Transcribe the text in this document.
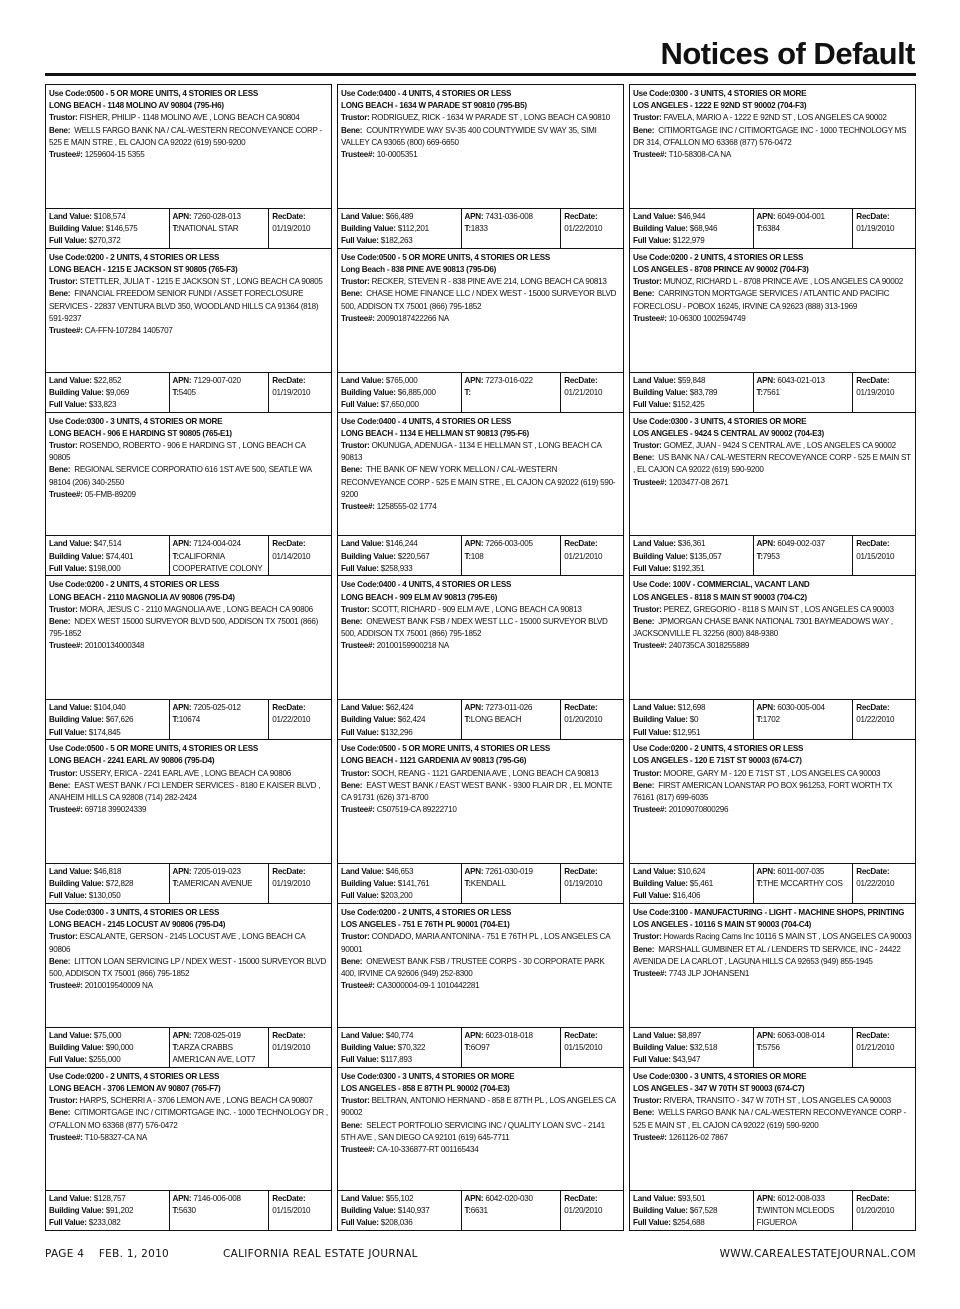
Notices of Default
Use Code:0500 - 5 OR MORE UNITS, 4 STORIES OR LESS
LONG BEACH - 1148 MOLINO AV 90804 (795-H6)
Trustor: FISHER, PHILIP - 1148 MOLINO AVE , LONG BEACH CA 90804
Bene: WELLS FARGO BANK NA / CAL-WESTERN RECONVEYANCE CORP - 525 E MAIN STRE , EL CAJON CA 92022 (619) 590-9200
Trustee#: 1259604-15 5355
Land Value: $108,574
Building Value: $146,575
Full Value: $270,372
APN: 7260-028-013
T:NATIONAL STAR
RecDate:
01/19/2010
Use Code:0200 - 2 UNITS, 4 STORIES OR LESS
LONG BEACH - 1215 E JACKSON ST 90805 (765-F3)
Trustor: STETTLER, JULIA T - 1215 E JACKSON ST , LONG BEACH CA 90805
Bene: FINANCIAL FREEDOM SENIOR FUNDI / ASSET FORECLOSURE SERVICES - 22837 VENTURA BLVD 350, WOODLAND HILLS CA 91364 (818) 591-9237
Trustee#: CA-FFN-107284 1405707
Land Value: $22,852
Building Value: $9,069
Full Value: $33,823
APN: 7129-007-020
T:5405
RecDate:
01/19/2010
Use Code:0300 - 3 UNITS, 4 STORIES OR MORE
LONG BEACH - 906 E HARDING ST 90805 (765-E1)
Trustor: ROSENDO, ROBERTO - 906 E HARDING ST , LONG BEACH CA 90805
Bene: REGIONAL SERVICE CORPORATIO 616 1ST AVE 500, SEATLE WA 98104 (206) 340-2550
Trustee#: 05-FMB-89209
Land Value: $47,514
Building Value: $74,401
Full Value: $198,000
APN: 7124-004-024
T:CALIFORNIA COOPERATIVE COLONY
RecDate:
01/14/2010
Use Code:0200 - 2 UNITS, 4 STORIES OR LESS
LONG BEACH - 2110 MAGNOLIA AV 90806 (795-D4)
Trustor: MORA, JESUS C - 2110 MAGNOLIA AVE , LONG BEACH CA 90806
Bene: NDEX WEST 15000 SURVEYOR BLVD 500, ADDISON TX 75001 (866) 795-1852
Trustee#: 20100134000348
Land Value: $104,040
Building Value: $67,626
Full Value: $174,845
APN: 7205-025-012
T:10674
RecDate:
01/22/2010
Use Code:0500 - 5 OR MORE UNITS, 4 STORIES OR LESS
LONG BEACH - 2241 EARL AV 90806 (795-D4)
Trustor: USSERY, ERICA - 2241 EARL AVE , LONG BEACH CA 90806
Bene: EAST WEST BANK / FCI LENDER SERVICES - 8180 E KAISER BLVD , ANAHEIM HILLS CA 92808 (714) 282-2424
Trustee#: 69718 399024339
Land Value: $46,818
Building Value: $72,828
Full Value: $130,050
APN: 7205-019-023
T:AMERICAN AVENUE
RecDate:
01/19/2010
Use Code:0300 - 3 UNITS, 4 STORIES OR LESS
LONG BEACH - 2145 LOCUST AV 90806 (795-D4)
Trustor: ESCALANTE, GERSON - 2145 LOCUST AVE , LONG BEACH CA 90806
Bene: LITTON LOAN SERVICING LP / NDEX WEST - 15000 SURVEYOR BLVD 500, ADDISON TX 75001 (866) 795-1852
Trustee#: 2010019540009 NA
Land Value: $75,000
Building Value: $90,000
Full Value: $255,000
APN: 7208-025-019
T:ARZA CRABBS AMER1CAN AVE, LOT7
RecDate:
01/19/2010
Use Code:0200 - 2 UNITS, 4 STORIES OR LESS
LONG BEACH - 3706 LEMON AV 90807 (765-F7)
Trustor: HARPS, SCHERRI A - 3706 LEMON AVE , LONG BEACH CA 90807
Bene: CITIMORTGAGE INC / CITIMORTGAGE INC. - 1000 TECHNOLOGY DR , O'FALLON MO 63368 (877) 576-0472
Trustee#: T10-58327-CA NA
Land Value: $128,757
Building Value: $91,202
Full Value: $233,082
APN: 7146-006-008
T:5630
RecDate:
01/15/2010
Use Code:0400 - 4 UNITS, 4 STORIES OR LESS
LONG BEACH - 1634 W PARADE ST 90810 (795-B5)
Trustor: RODRIGUEZ, RICK - 1634 W PARADE ST , LONG BEACH CA 90810
Bene: COUNTRYWIDE WAY SV-35 400 COUNTYWIDE SV WAY 35, SIMI VALLEY CA 93065 (800) 669-6650
Trustee#: 10-0005351
Land Value: $66,489
Building Value: $112,201
Full Value: $182,263
APN: 7431-036-008
T:1833
RecDate:
01/22/2010
Use Code:0500 - 5 OR MORE UNITS, 4 STORIES OR LESS
Long Beach - 838 PINE AVE 90813 (795-D6)
Trustor: RECKER, STEVEN R - 838 PINE AVE 214, LONG BEACH CA 90813
Bene: CHASE HOME FINANCE LLC / NDEX WEST - 15000 SURVEYOR BLVD 500, ADDISON TX 75001 (866) 795-1852
Trustee#: 20090187422266 NA
Land Value: $765,000
Building Value: $6,885,000
Full Value: $7,650,000
APN: 7273-016-022
T:
RecDate:
01/21/2010
Use Code:0400 - 4 UNITS, 4 STORIES OR LESS
LONG BEACH - 1134 E HELLMAN ST 90813 (795-F6)
Trustor: OKUNUGA, ADENUGA - 1134 E HELLMAN ST , LONG BEACH CA 90813
Bene: THE BANK OF NEW YORK MELLON / CAL-WESTERN RECONVEYANCE CORP - 525 E MAIN STRE , EL CAJON CA 92022 (619) 590-9200
Trustee#: 1258555-02 1774
Land Value: $146,244
Building Value: $220,567
Full Value: $258,933
APN: 7266-003-005
T:108
RecDate:
01/21/2010
Use Code:0400 - 4 UNITS, 4 STORIES OR LESS
LONG BEACH - 909 ELM AV 90813 (795-E6)
Trustor: SCOTT, RICHARD - 909 ELM AVE , LONG BEACH CA 90813
Bene: ONEWEST BANK FSB / NDEX WEST LLC - 15000 SURVEYOR BLVD 500, ADDISON TX 75001 (866) 795-1852
Trustee#: 20100159900218 NA
Land Value: $62,424
Building Value: $62,424
Full Value: $132,296
APN: 7273-011-026
T:LONG BEACH
RecDate:
01/20/2010
Use Code:0500 - 5 OR MORE UNITS, 4 STORIES OR LESS
LONG BEACH - 1121 GARDENIA AV 90813 (795-G6)
Trustor: SOCH, REANG - 1121 GARDENIA AVE , LONG BEACH CA 90813
Bene: EAST WEST BANK / EAST WEST BANK - 9300 FLAIR DR , EL MONTE CA 91731 (626) 371-8700
Trustee#: C507519-CA 89222710
Land Value: $46,653
Building Value: $141,761
Full Value: $203,200
APN: 7261-030-019
T:KENDALL
RecDate:
01/19/2010
Use Code:0200 - 2 UNITS, 4 STORIES OR LESS
LOS ANGELES - 751 E 76TH PL 90001 (704-E1)
Trustor: CONDADO, MARIA ANTONINA - 751 E 76TH PL , LOS ANGELES CA 90001
Bene: ONEWEST BANK FSB / TRUSTEE CORPS - 30 CORPORATE PARK 400, IRVINE CA 92606 (949) 252-8300
Trustee#: CA3000004-09-1 1010442281
Land Value: $40,774
Building Value: $70,322
Full Value: $117,893
APN: 6023-018-018
T:6O97
RecDate:
01/15/2010
Use Code:0300 - 3 UNITS, 4 STORIES OR MORE
LOS ANGELES - 858 E 87TH PL 90002 (704-E3)
Trustor: BELTRAN, ANTONIO HERNAND - 858 E 87TH PL , LOS ANGELES CA 90002
Bene: SELECT PORTFOLIO SERVICING INC / QUALITY LOAN SVC - 2141 5TH AVE , SAN DIEGO CA 92101 (619) 645-7711
Trustee#: CA-10-336877-RT 001165434
Land Value: $55,102
Building Value: $140,937
Full Value: $208,036
APN: 6042-020-030
T:6631
RecDate:
01/20/2010
Use Code:0300 - 3 UNITS, 4 STORIES OR MORE
LOS ANGELES - 1222 E 92ND ST 90002 (704-F3)
Trustor: FAVELA, MARIO A - 1222 E 92ND ST , LOS ANGELES CA 90002
Bene: CITIMORTGAGE INC / CITIMORTGAGE INC - 1000 TECHNOLOGY MS DR 314, O'FALLON MO 63368 (877) 576-0472
Trustee#: T10-58308-CA NA
Land Value: $46,944
Building Value: $68,946
Full Value: $122,979
APN: 6049-004-001
T:6384
RecDate:
01/19/2010
Use Code:0200 - 2 UNITS, 4 STORIES OR LESS
LOS ANGELES - 8708 PRINCE AV 90002 (704-F3)
Trustor: MUNOZ, RICHARD L - 8708 PRINCE AVE , LOS ANGELES CA 90002
Bene: CARRINGTON MORTGAGE SERVICES / ATLANTIC AND PACIFIC FORECLOSU - POBOX 16245, IRVINE CA 92623 (888) 313-1969
Trustee#: 10-06300 1002594749
Land Value: $59,848
Building Value: $83,789
Full Value: $152,425
APN: 6043-021-013
T:7561
RecDate:
01/19/2010
Use Code:0300 - 3 UNITS, 4 STORIES OR MORE
LOS ANGELES - 9424 S CENTRAL AV 90002 (704-E3)
Trustor: GOMEZ, JUAN - 9424 S CENTRAL AVE , LOS ANGELES CA 90002
Bene: US BANK NA / CAL-WESTERN RECOVEYANCE CORP - 525 E MAIN ST , EL CAJON CA 92022 (619) 590-9200
Trustee#: 1203477-08 2671
Land Value: $36,361
Building Value: $135,057
Full Value: $192,351
APN: 6049-002-037
T:7953
RecDate:
01/15/2010
Use Code: 100V - COMMERCIAL, VACANT LAND
LOS ANGELES - 8118 S MAIN ST 90003 (704-C2)
Trustor: PEREZ, GREGORIO - 8118 S MAIN ST , LOS ANGELES CA 90003
Bene: JPMORGAN CHASE BANK NATIONAL 7301 BAYMEADOWS WAY , JACKSONVILLE FL 32256 (800) 848-9380
Trustee#: 240735CA 3018255889
Land Value: $12,698
Building Value: $0
Full Value: $12,951
APN: 6030-005-004
T:1702
RecDate:
01/22/2010
Use Code:0200 - 2 UNITS, 4 STORIES OR LESS
LOS ANGELES - 120 E 71ST ST 90003 (674-C7)
Trustor: MOORE, GARY M - 120 E 71ST ST , LOS ANGELES CA 90003
Bene: FIRST AMERICAN LOANSTAR PO BOX 961253, FORT WORTH TX 76161 (817) 699-6035
Trustee#: 20109070800296
Land Value: $10,624
Building Value: $5,461
Full Value: $16,406
APN: 6011-007-035
T:THE MCCARTHY COS
RecDate:
01/22/2010
Use Code:3100 - MANUFACTURING - LIGHT - MACHINE SHOPS, PRINTING
LOS ANGELES - 10116 S MAIN ST 90003 (704-C4)
Trustor: Howards Racing Cams Inc 10116 S MAIN ST , LOS ANGELES CA 90003
Bene: MARSHALL GUMBINER ET AL / LENDERS TD SERVICE, INC - 24422 AVENIDA DE LA CARLOT , LAGUNA HILLS CA 92653 (949) 855-1945
Trustee#: 7743 JLP JOHANSEN1
Land Value: $8,897
Building Value: $32,518
Full Value: $43,947
APN: 6063-008-014
T:5756
RecDate:
01/21/2010
Use Code:0300 - 3 UNITS, 4 STORIES OR MORE
LOS ANGELES - 347 W 70TH ST 90003 (674-C7)
Trustor: RIVERA, TRANSITO - 347 W 70TH ST , LOS ANGELES CA 90003
Bene: WELLS FARGO BANK NA / CAL-WESTERN RECONVEYANCE CORP - 525 E MAIN ST , EL CAJON CA 92022 (619) 590-9200
Trustee#: 1261126-02 7867
Land Value: $93,501
Building Value: $67,528
Full Value: $254,688
APN: 6012-008-033
T:WINTON MCLEODS FIGUEROA
RecDate:
01/20/2010
PAGE 4 FEB. 1, 2010	CALIFORNIA REAL ESTATE JOURNAL	WWW.CAREALESTATEJOURNAL.COM
